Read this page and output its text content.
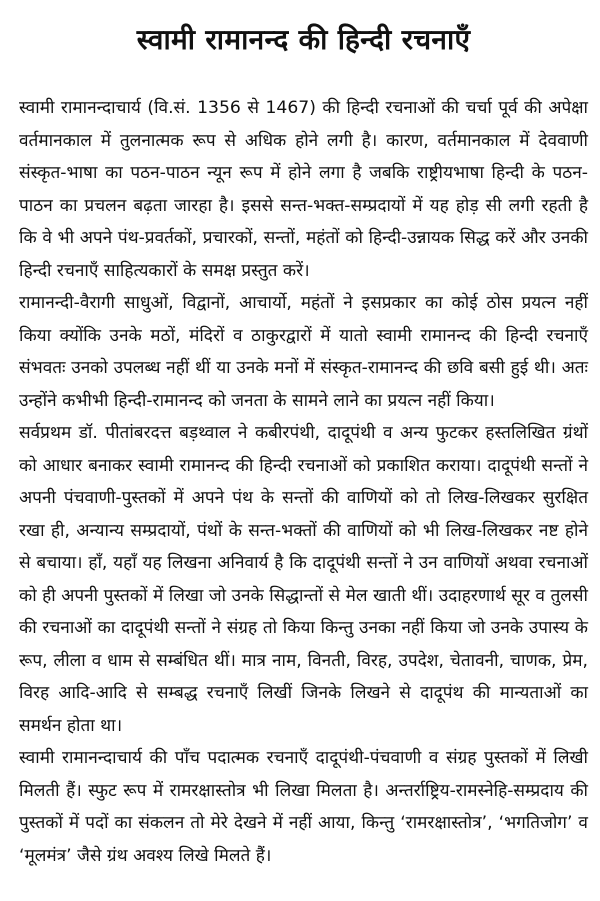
स्वामी रामानन्द की हिन्दी रचनाएँ

स्वामी रामानन्दाचार्य (वि.सं. 1356 से 1467) की हिन्दी रचनाओं की चर्चा पूर्व की अपेक्षा वर्तमानकाल में तुलनात्मक रूप से अधिक होने लगी है। कारण, वर्तमानकाल में देववाणी संस्कृत-भाषा का पठन-पाठन न्यून रूप में होने लगा है जबकि राष्ट्रीयभाषा हिन्दी के पठन-पाठन का प्रचलन बढ़ता जारहा है। इससे सन्त-भक्त-सम्प्रदायों में यह होड़ सी लगी रहती है कि वे भी अपने पंथ-प्रवर्तकों, प्रचारकों, सन्तों, महंतों को हिन्दी-उन्नायक सिद्ध करें और उनकी हिन्दी रचनाएँ साहित्यकारों के समक्ष प्रस्तुत करें।

रामानन्दी-वैरागी साधुओं, विद्वानों, आचार्यो, महंतों ने इसप्रकार का कोई ठोस प्रयत्न नहीं किया क्योंकि उनके मठों, मंदिरों व ठाकुरद्वारों में यातो स्वामी रामानन्द की हिन्दी रचनाएँ संभवतः उनको उपलब्ध नहीं थीं या उनके मनों में संस्कृत-रामानन्द की छवि बसी हुई थी। अतः उन्होंने कभीभी हिन्दी-रामानन्द को जनता के सामने लाने का प्रयत्न नहीं किया।

सर्वप्रथम डॉ. पीतांबरदत्त बड़थ्वाल ने कबीरपंथी, दादूपंथी व अन्य फुटकर हस्तलिखित ग्रंथों को आधार बनाकर स्वामी रामानन्द की हिन्दी रचनाओं को प्रकाशित कराया। दादूपंथी सन्तों ने अपनी पंचवाणी-पुस्तकों में अपने पंथ के सन्तों की वाणियों को तो लिख-लिखकर सुरक्षित रखा ही, अन्यान्य सम्प्रदायों, पंथों के सन्त-भक्तों की वाणियों को भी लिख-लिखकर नष्ट होने से बचाया। हाँ, यहाँ यह लिखना अनिवार्य है कि दादूपंथी सन्तों ने उन वाणियों अथवा रचनाओं को ही अपनी पुस्तकों में लिखा जो उनके सिद्धान्तों से मेल खाती थीं। उदाहरणार्थ सूर व तुलसी की रचनाओं का दादूपंथी सन्तों ने संग्रह तो किया किन्तु उनका नहीं किया जो उनके उपास्य के रूप, लीला व धाम से सम्बंधित थीं। मात्र नाम, विनती, विरह, उपदेश, चेतावनी, चाणक, प्रेम, विरह आदि-आदि से सम्बद्ध रचनाएँ लिखीं जिनके लिखने से दादूपंथ की मान्यताओं का समर्थन होता था।

स्वामी रामानन्दाचार्य की पाँच पदात्मक रचनाएँ दादूपंथी-पंचवाणी व संग्रह पुस्तकों में लिखी मिलती हैं। स्फुट रूप में रामरक्षास्तोत्र भी लिखा मिलता है। अन्तर्राष्ट्रिय-रामस्नेहि-सम्प्रदाय की पुस्तकों में पदों का संकलन तो मेरे देखने में नहीं आया, किन्तु ‘रामरक्षास्तोत्र’, ‘भगतिजोग’ व ‘मूलमंत्र’ जैसे ग्रंथ अवश्य लिखे मिलते हैं।
